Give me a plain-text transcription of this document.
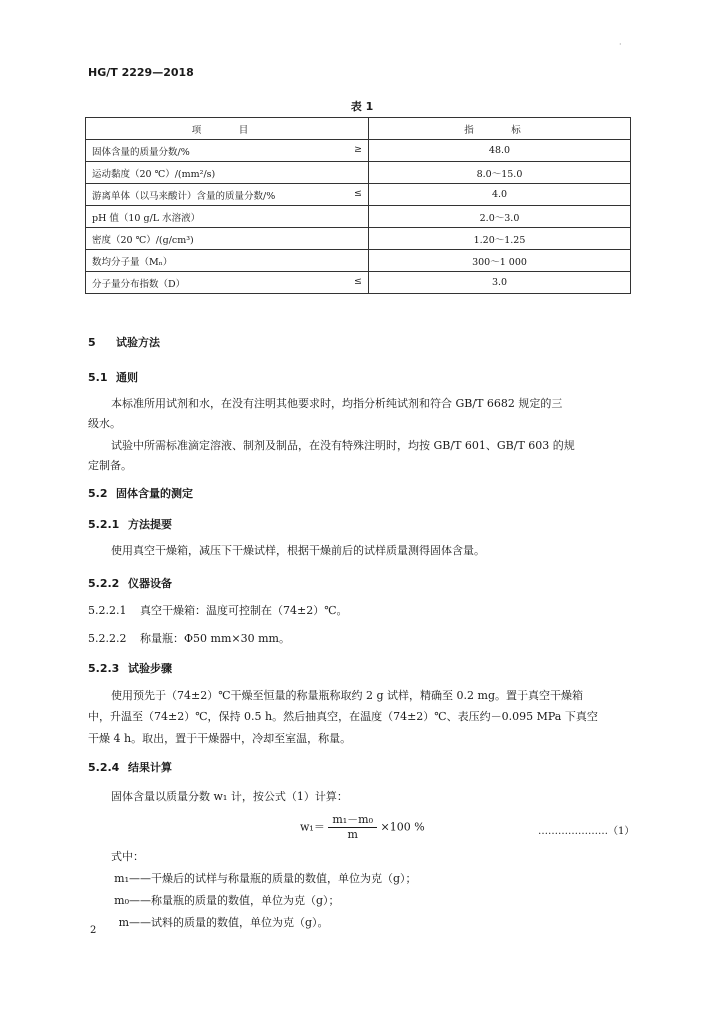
·
HG/T 2229—2018
表 1
项　目	指　标

≥
固体含量的质量分数/%	48.0

运动黏度（20 ℃）/(mm²/s)	8.0～15.0

≤
游离单体（以马来酸计）含量的质量分数/%	4.0

pH 值（10 g/L 水溶液）	2.0～3.0

密度（20 ℃）/(g/cm³)	1.20～1.25

数均分子量（Mₙ）	300～1 000

≤
分子量分布指数（D）	3.0
5 试验方法
5.1 通则
本标准所用试剂和水，在没有注明其他要求时，均指分析纯试剂和符合 GB/T 6682 规定的三
级水。
试验中所需标准滴定溶液、制剂及制品，在没有特殊注明时，均按 GB/T 601、GB/T 603 的规
定制备。
5.2 固体含量的测定
5.2.1 方法提要
使用真空干燥箱，减压下干燥试样，根据干燥前后的试样质量测得固体含量。
5.2.2 仪器设备
5.2.2.1 真空干燥箱：温度可控制在（74±2）℃。
5.2.2.2 称量瓶：Φ50 mm×30 mm。
5.2.3 试验步骤
使用预先于（74±2）℃干燥至恒量的称量瓶称取约 2 g 试样，精确至 0.2 mg。置于真空干燥箱
中，升温至（74±2）℃，保持 0.5 h。然后抽真空，在温度（74±2）℃、表压约－0.095 MPa 下真空
干燥 4 h。取出，置于干燥器中，冷却至室温，称量。
5.2.4 结果计算
固体含量以质量分数 w₁ 计，按公式（1）计算：
$w_1= \frac{\text{m₁－m₀}}{m} \times 100$ %	…………………（1）
式中：
m₁——干燥后的试样与称量瓶的质量的数值，单位为克（g）；
m₀——称量瓶的质量的数值，单位为克（g）；
m——试料的质量的数值，单位为克（g）。
2
